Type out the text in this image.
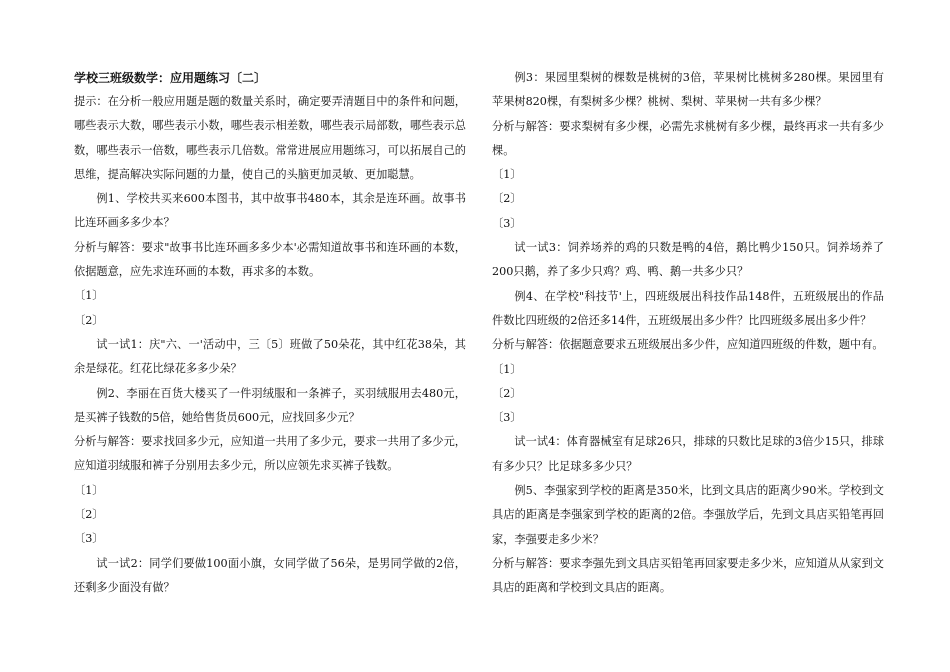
学校三班级数学：应用题练习〔二〕
提示：在分析一般应用题是题的数量关系时，确定要弄清题目中的条件和问题，哪些表示大数，哪些表示小数，哪些表示相差数，哪些表示局部数，哪些表示总数，哪些表示一倍数，哪些表示几倍数。常常进展应用题练习，可以拓展自己的思维，提高解决实际问题的力量，使自己的头脑更加灵敏、更加聪慧。
例1、学校共买来600本图书，其中故事书480本，其余是连环画。故事书比连环画多多少本？
分析与解答：要求"故事书比连环画多多少本'必需知道故事书和连环画的本数，依据题意，应先求连环画的本数，再求多的本数。
〔1〕
〔2〕
试一试1：庆"六、一'活动中，三〔5〕班做了50朵花，其中红花38朵，其余是绿花。红花比绿花多多少朵？
例2、李丽在百货大楼买了一件羽绒服和一条裤子，买羽绒服用去480元，是买裤子钱数的5倍，她给售货员600元，应找回多少元？
分析与解答：要求找回多少元，应知道一共用了多少元，要求一共用了多少元，应知道羽绒服和裤子分别用去多少元，所以应领先求买裤子钱数。
〔1〕
〔2〕
〔3〕
试一试2：同学们要做100面小旗，女同学做了56朵，是男同学做的2倍，还剩多少面没有做？
例3：果园里梨树的棵数是桃树的3倍，苹果树比桃树多280棵。果园里有苹果树820棵，有梨树多少棵？桃树、梨树、苹果树一共有多少棵？
分析与解答：要求梨树有多少棵，必需先求桃树有多少棵，最终再求一共有多少棵。
〔1〕
〔2〕
〔3〕
试一试3：饲养场养的鸡的只数是鸭的4倍，鹅比鸭少150只。饲养场养了200只鹅，养了多少只鸡？鸡、鸭、鹅一共多少只？
例4、在学校"科技节'上，四班级展出科技作品148件，五班级展出的作品件数比四班级的2倍还多14件，五班级展出多少件？比四班级多展出多少件？
分析与解答：依据题意要求五班级展出多少件，应知道四班级的件数，题中有。
〔1〕
〔2〕
〔3〕
试一试4：体育器械室有足球26只，排球的只数比足球的3倍少15只，排球有多少只？比足球多多少只？
例5、李强家到学校的距离是350米，比到文具店的距离少90米。学校到文具店的距离是李强家到学校的距离的2倍。李强放学后，先到文具店买铅笔再回家，李强要走多少米？
分析与解答：要求李强先到文具店买铅笔再回家要走多少米，应知道从从家到文具店的距离和学校到文具店的距离。
